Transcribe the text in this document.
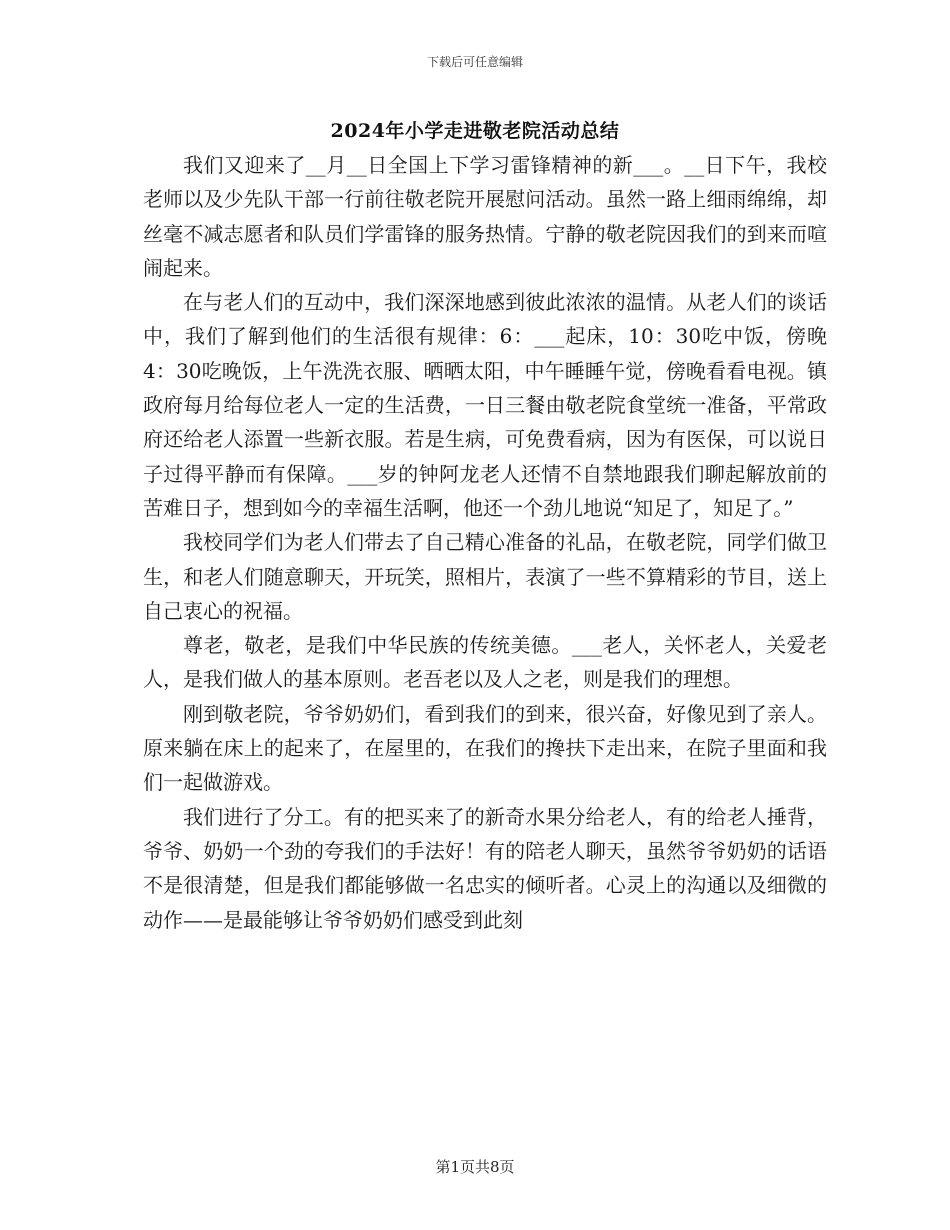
下载后可任意编辑
2024年小学走进敬老院活动总结

我们又迎来了__月__日全国上下学习雷锋精神的新___。__日下午，我校老师以及少先队干部一行前往敬老院开展慰问活动。虽然一路上细雨绵绵，却丝毫不减志愿者和队员们学雷锋的服务热情。宁静的敬老院因我们的到来而喧闹起来。

在与老人们的互动中，我们深深地感到彼此浓浓的温情。从老人们的谈话中，我们了解到他们的生活很有规律：6：___起床，10：30吃中饭，傍晚4：30吃晚饭，上午洗洗衣服、晒晒太阳，中午睡睡午觉，傍晚看看电视。镇政府每月给每位老人一定的生活费，一日三餐由敬老院食堂统一准备，平常政府还给老人添置一些新衣服。若是生病，可免费看病，因为有医保，可以说日子过得平静而有保障。___岁的钟阿龙老人还情不自禁地跟我们聊起解放前的苦难日子，想到如今的幸福生活啊，他还一个劲儿地说“知足了，知足了。”

我校同学们为老人们带去了自己精心准备的礼品，在敬老院，同学们做卫生，和老人们随意聊天，开玩笑，照相片，表演了一些不算精彩的节目，送上自己衷心的祝福。

尊老，敬老，是我们中华民族的传统美德。___老人，关怀老人，关爱老人，是我们做人的基本原则。老吾老以及人之老，则是我们的理想。

刚到敬老院，爷爷奶奶们，看到我们的到来，很兴奋，好像见到了亲人。原来躺在床上的起来了，在屋里的，在我们的搀扶下走出来，在院子里面和我们一起做游戏。

我们进行了分工。有的把买来了的新奇水果分给老人，有的给老人捶背，爷爷、奶奶一个劲的夸我们的手法好！有的陪老人聊天，虽然爷爷奶奶的话语不是很清楚，但是我们都能够做一名忠实的倾听者。心灵上的沟通以及细微的动作——是最能够让爷爷奶奶们感受到此刻

第1页共8页
